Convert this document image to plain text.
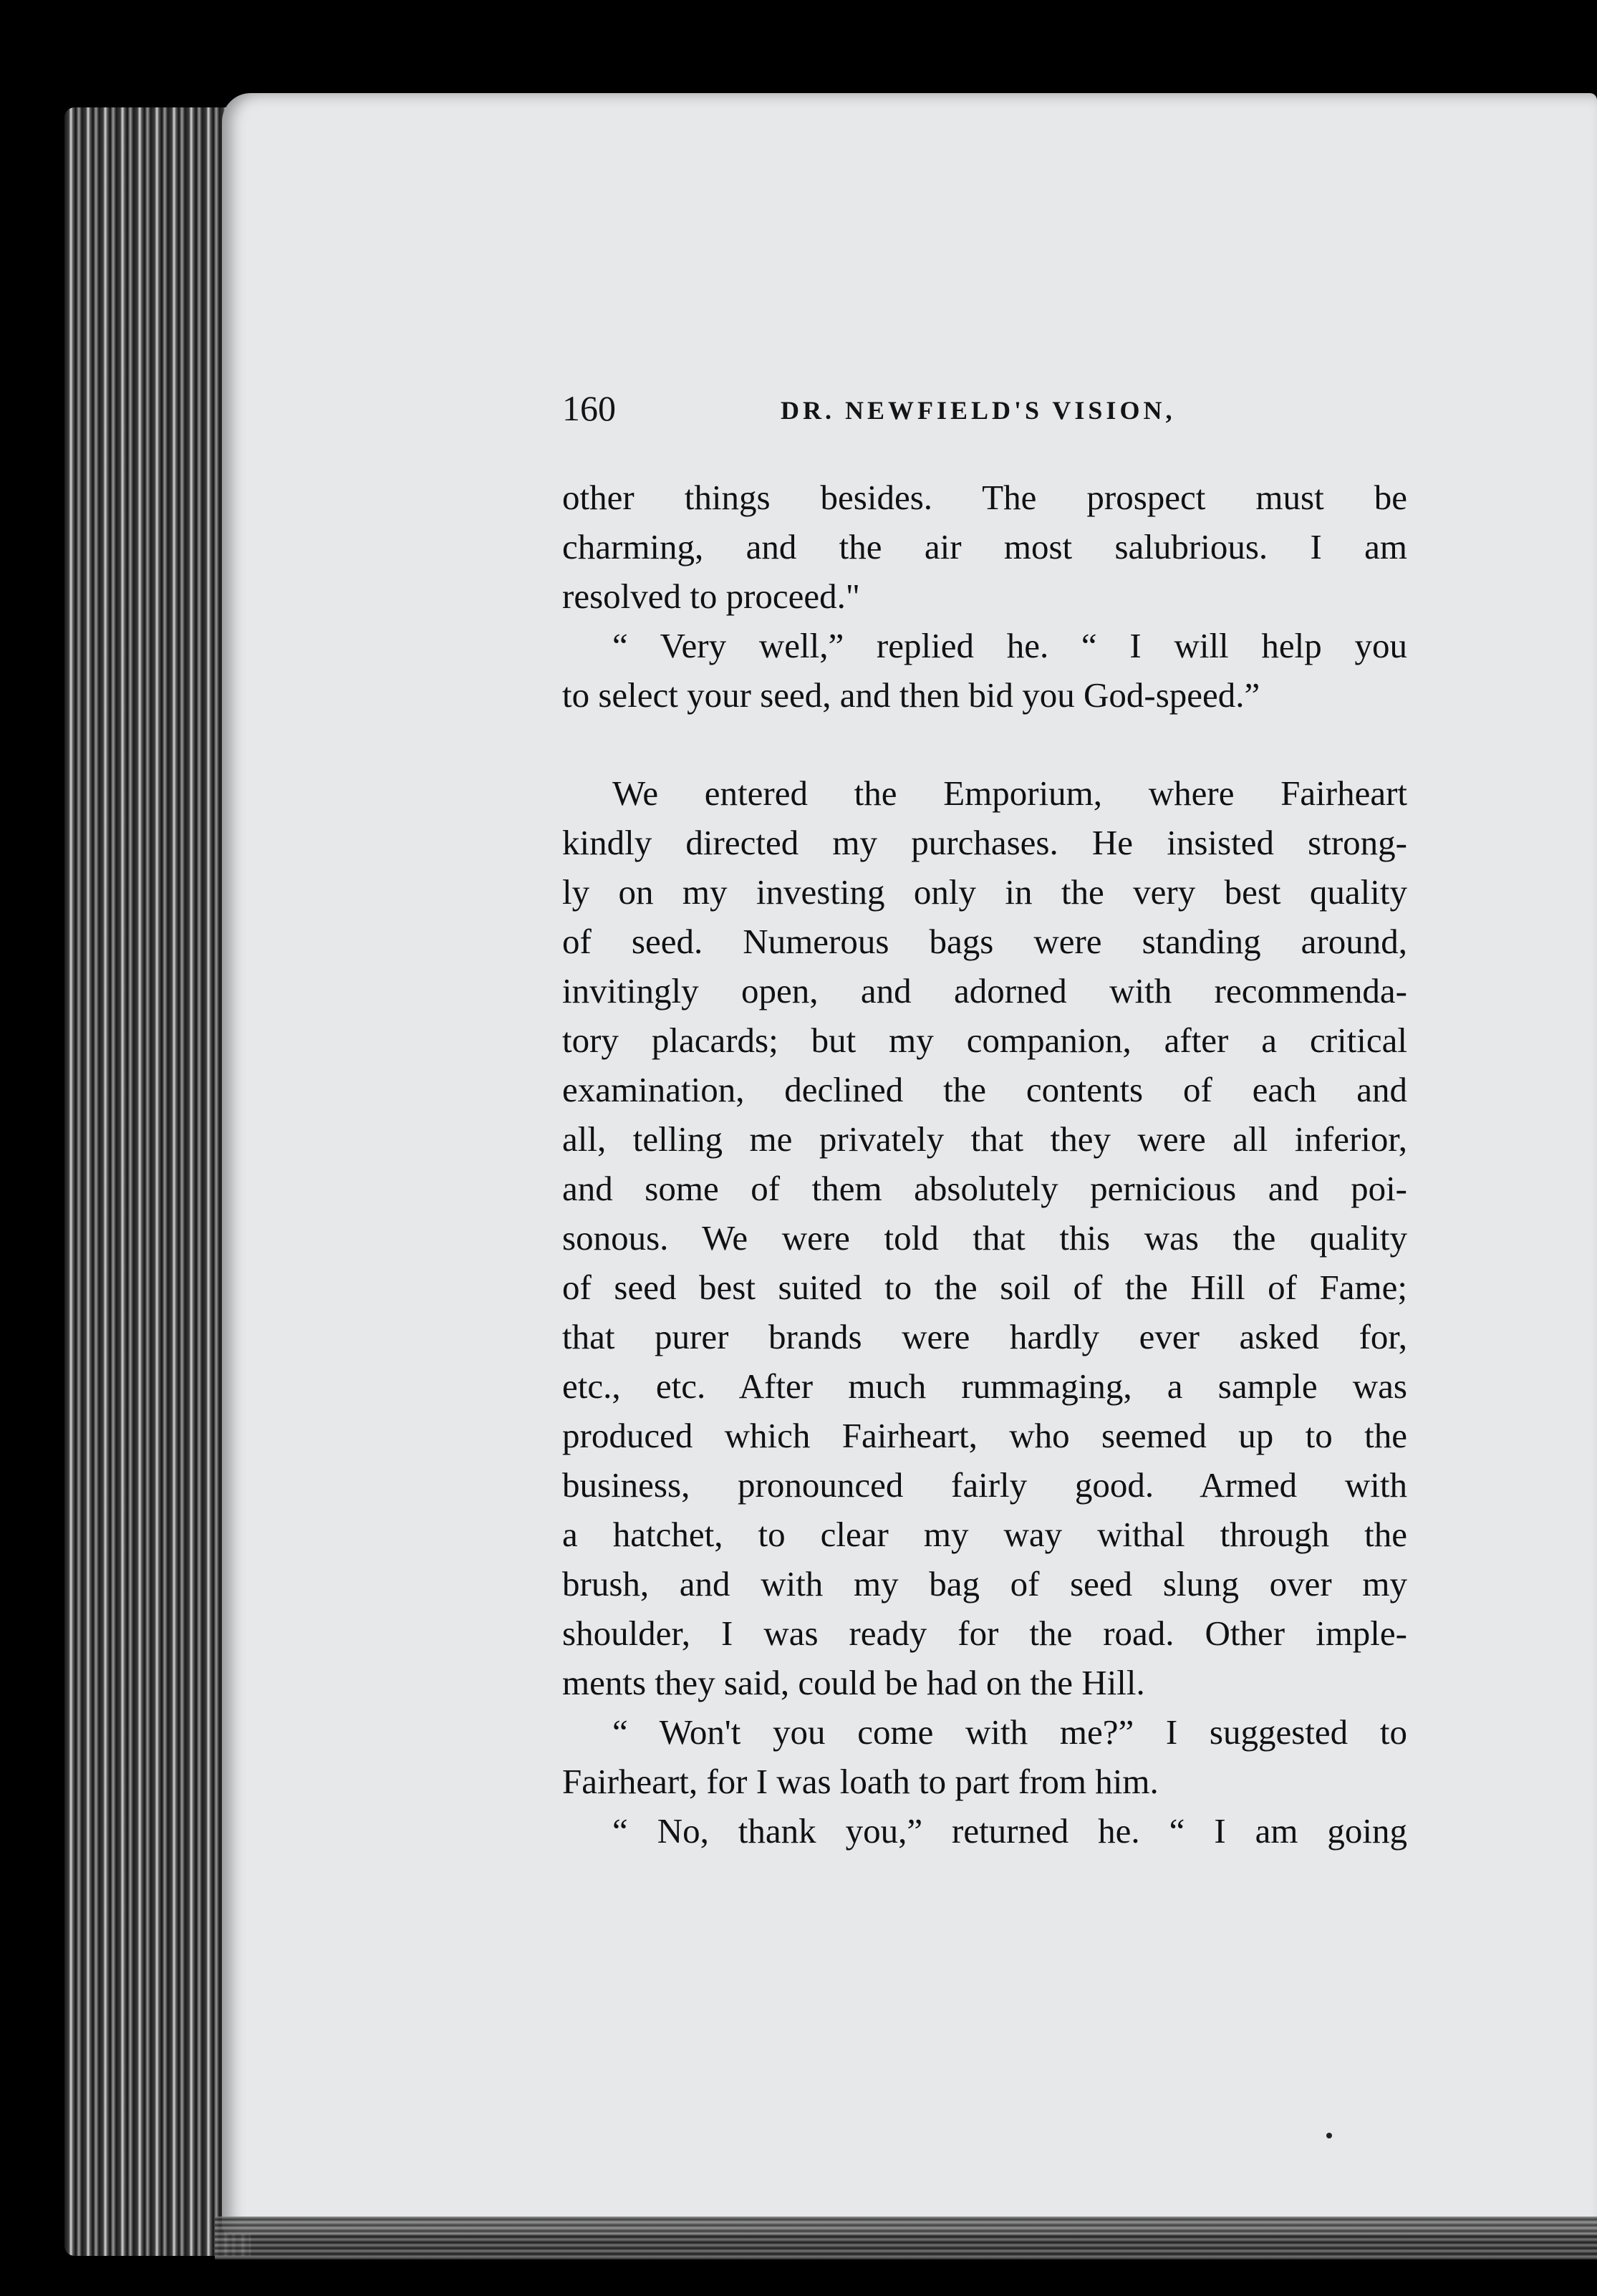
160	DR. NEWFIELD'S VISION,
other things besides. The prospect must be
charming, and the air most salubrious. I am
resolved to proceed."
“ Very well,” replied he. “ I will help you
to select your seed, and then bid you God-speed.”
We entered the Emporium, where Fairheart
kindly directed my purchases. He insisted strong-
ly on my investing only in the very best quality
of seed. Numerous bags were standing around,
invitingly open, and adorned with recommenda-
tory placards; but my companion, after a critical
examination, declined the contents of each and
all, telling me privately that they were all inferior,
and some of them absolutely pernicious and poi-
sonous. We were told that this was the quality
of seed best suited to the soil of the Hill of Fame;
that purer brands were hardly ever asked for,
etc., etc. After much rummaging, a sample was
produced which Fairheart, who seemed up to the
business, pronounced fairly good. Armed with
a hatchet, to clear my way withal through the
brush, and with my bag of seed slung over my
shoulder, I was ready for the road. Other imple-
ments they said, could be had on the Hill.
“ Won't you come with me?” I suggested to
Fairheart, for I was loath to part from him.
“ No, thank you,” returned he. “ I am going
